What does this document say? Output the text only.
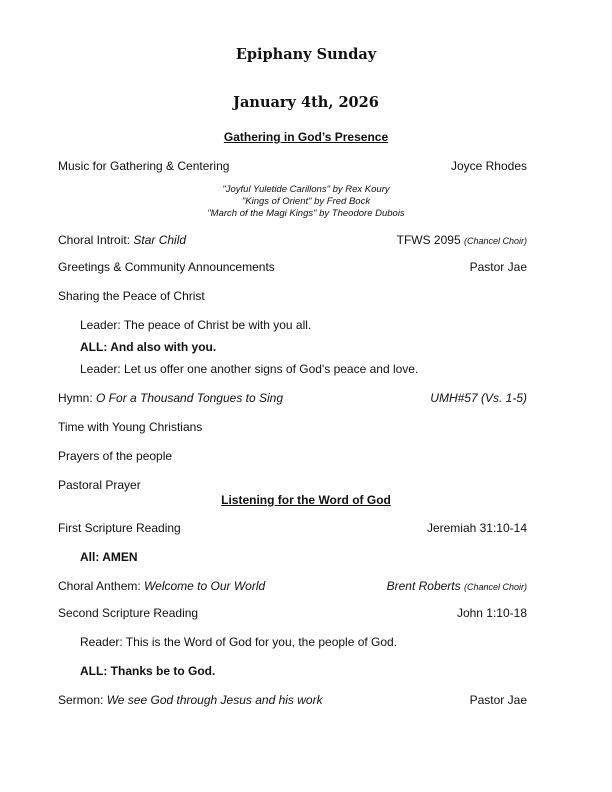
Epiphany Sunday
January 4th, 2026
Gathering in God’s Presence
Music for Gathering & Centering	Joyce Rhodes
"Joyful Yuletide Carillons" by Rex Koury
"Kings of Orient" by Fred Bock
"March of the Magi Kings" by Theodore Dubois
Choral Introit: Star Child	TFWS 2095 (Chancel Choir)
Greetings & Community Announcements	Pastor Jae
Sharing the Peace of Christ
Leader: The peace of Christ be with you all.
ALL: And also with you.
Leader: Let us offer one another signs of God's peace and love.
Hymn: O For a Thousand Tongues to Sing	UMH#57 (Vs. 1-5)
Time with Young Christians
Prayers of the people
Pastoral Prayer
Listening for the Word of God
First Scripture Reading	Jeremiah 31:10-14
All: AMEN
Choral Anthem: Welcome to Our World	Brent Roberts (Chancel Choir)
Second Scripture Reading	John 1:10-18
Reader: This is the Word of God for you, the people of God.
ALL: Thanks be to God.
Sermon: We see God through Jesus and his work	Pastor Jae
